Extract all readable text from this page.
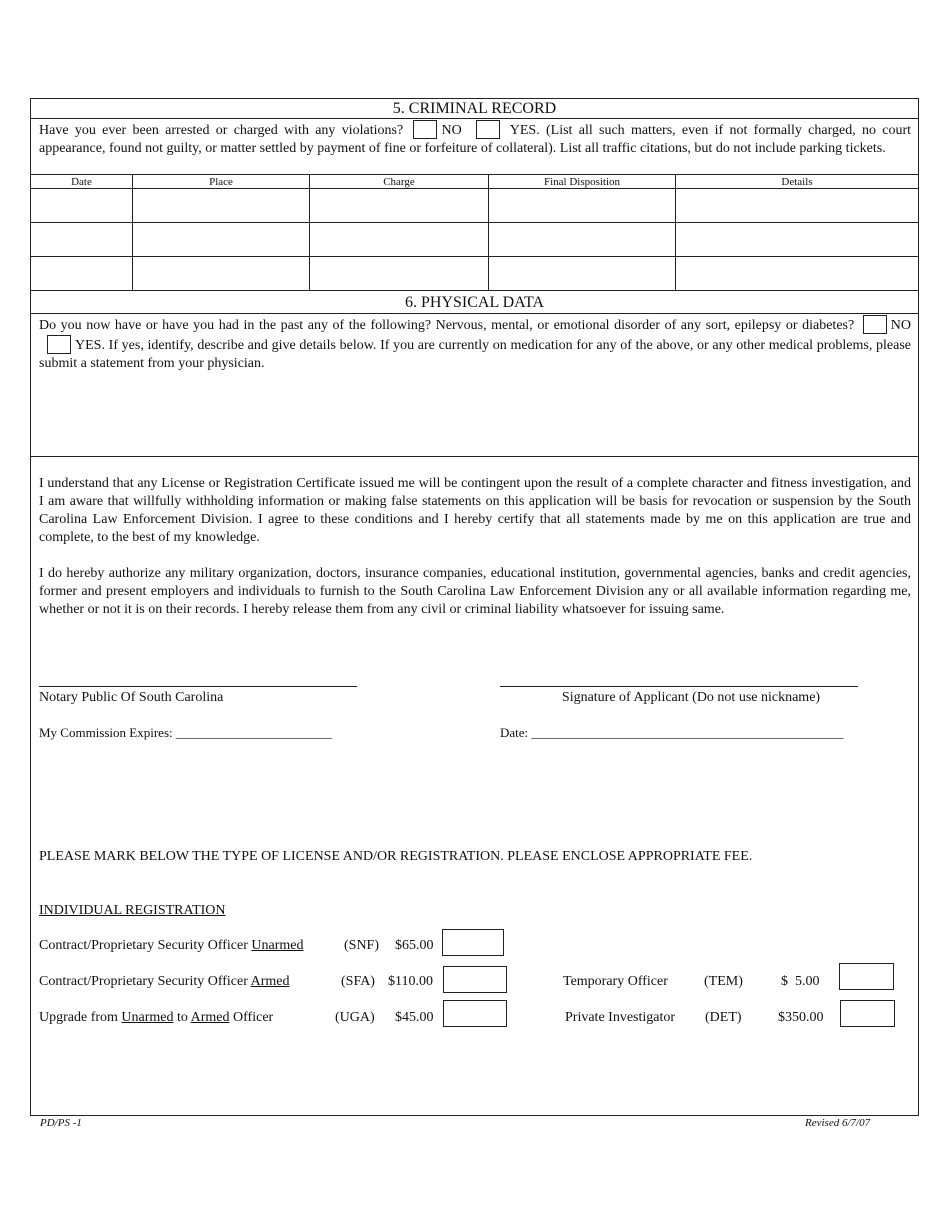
5. CRIMINAL RECORD
Have you ever been arrested or charged with any violations?	NO	YES. (List all such matters, even if not formally charged, no court appearance, found not guilty, or matter settled by payment of fine or forfeiture of collateral). List all traffic citations, but do not include parking tickets.
Date	Place	Charge	Final Disposition	Details

6. PHYSICAL DATA
Do you now have or have you had in the past any of the following? Nervous, mental, or emotional disorder of any sort, epilepsy or diabetes?	NO YES. If yes, identify, describe and give details below. If you are currently on medication for any of the above, or any other medical problems, please submit a statement from your physician.
I understand that any License or Registration Certificate issued me will be contingent upon the result of a complete character and fitness investigation, and I am aware that willfully withholding information or making false statements on this application will be basis for revocation or suspension by the South Carolina Law Enforcement Division. I agree to these conditions and I hereby certify that all statements made by me on this application are true and complete, to the best of my knowledge.
I do hereby authorize any military organization, doctors, insurance companies, educational institution, governmental agencies, banks and credit agencies, former and present employers and individuals to furnish to the South Carolina Law Enforcement Division any or all available information regarding me, whether or not it is on their records. I hereby release them from any civil or criminal liability whatsoever for issuing same.
Notary Public Of South Carolina	Signature of Applicant (Do not use nickname)
My Commission Expires: ________________________	Date: ________________________________________________
PLEASE MARK BELOW THE TYPE OF LICENSE AND/OR REGISTRATION. PLEASE ENCLOSE APPROPRIATE FEE.
INDIVIDUAL REGISTRATION
Contract/Proprietary Security Officer Unarmed	(SNF) $65.00
Contract/Proprietary Security Officer Armed	(SFA) $110.00	Temporary Officer	(TEM)	$  5.00
Upgrade from Unarmed to Armed Officer	(UGA) $45.00	Private Investigator (DET)	$350.00
PD/PS -1	Revised 6/7/07
